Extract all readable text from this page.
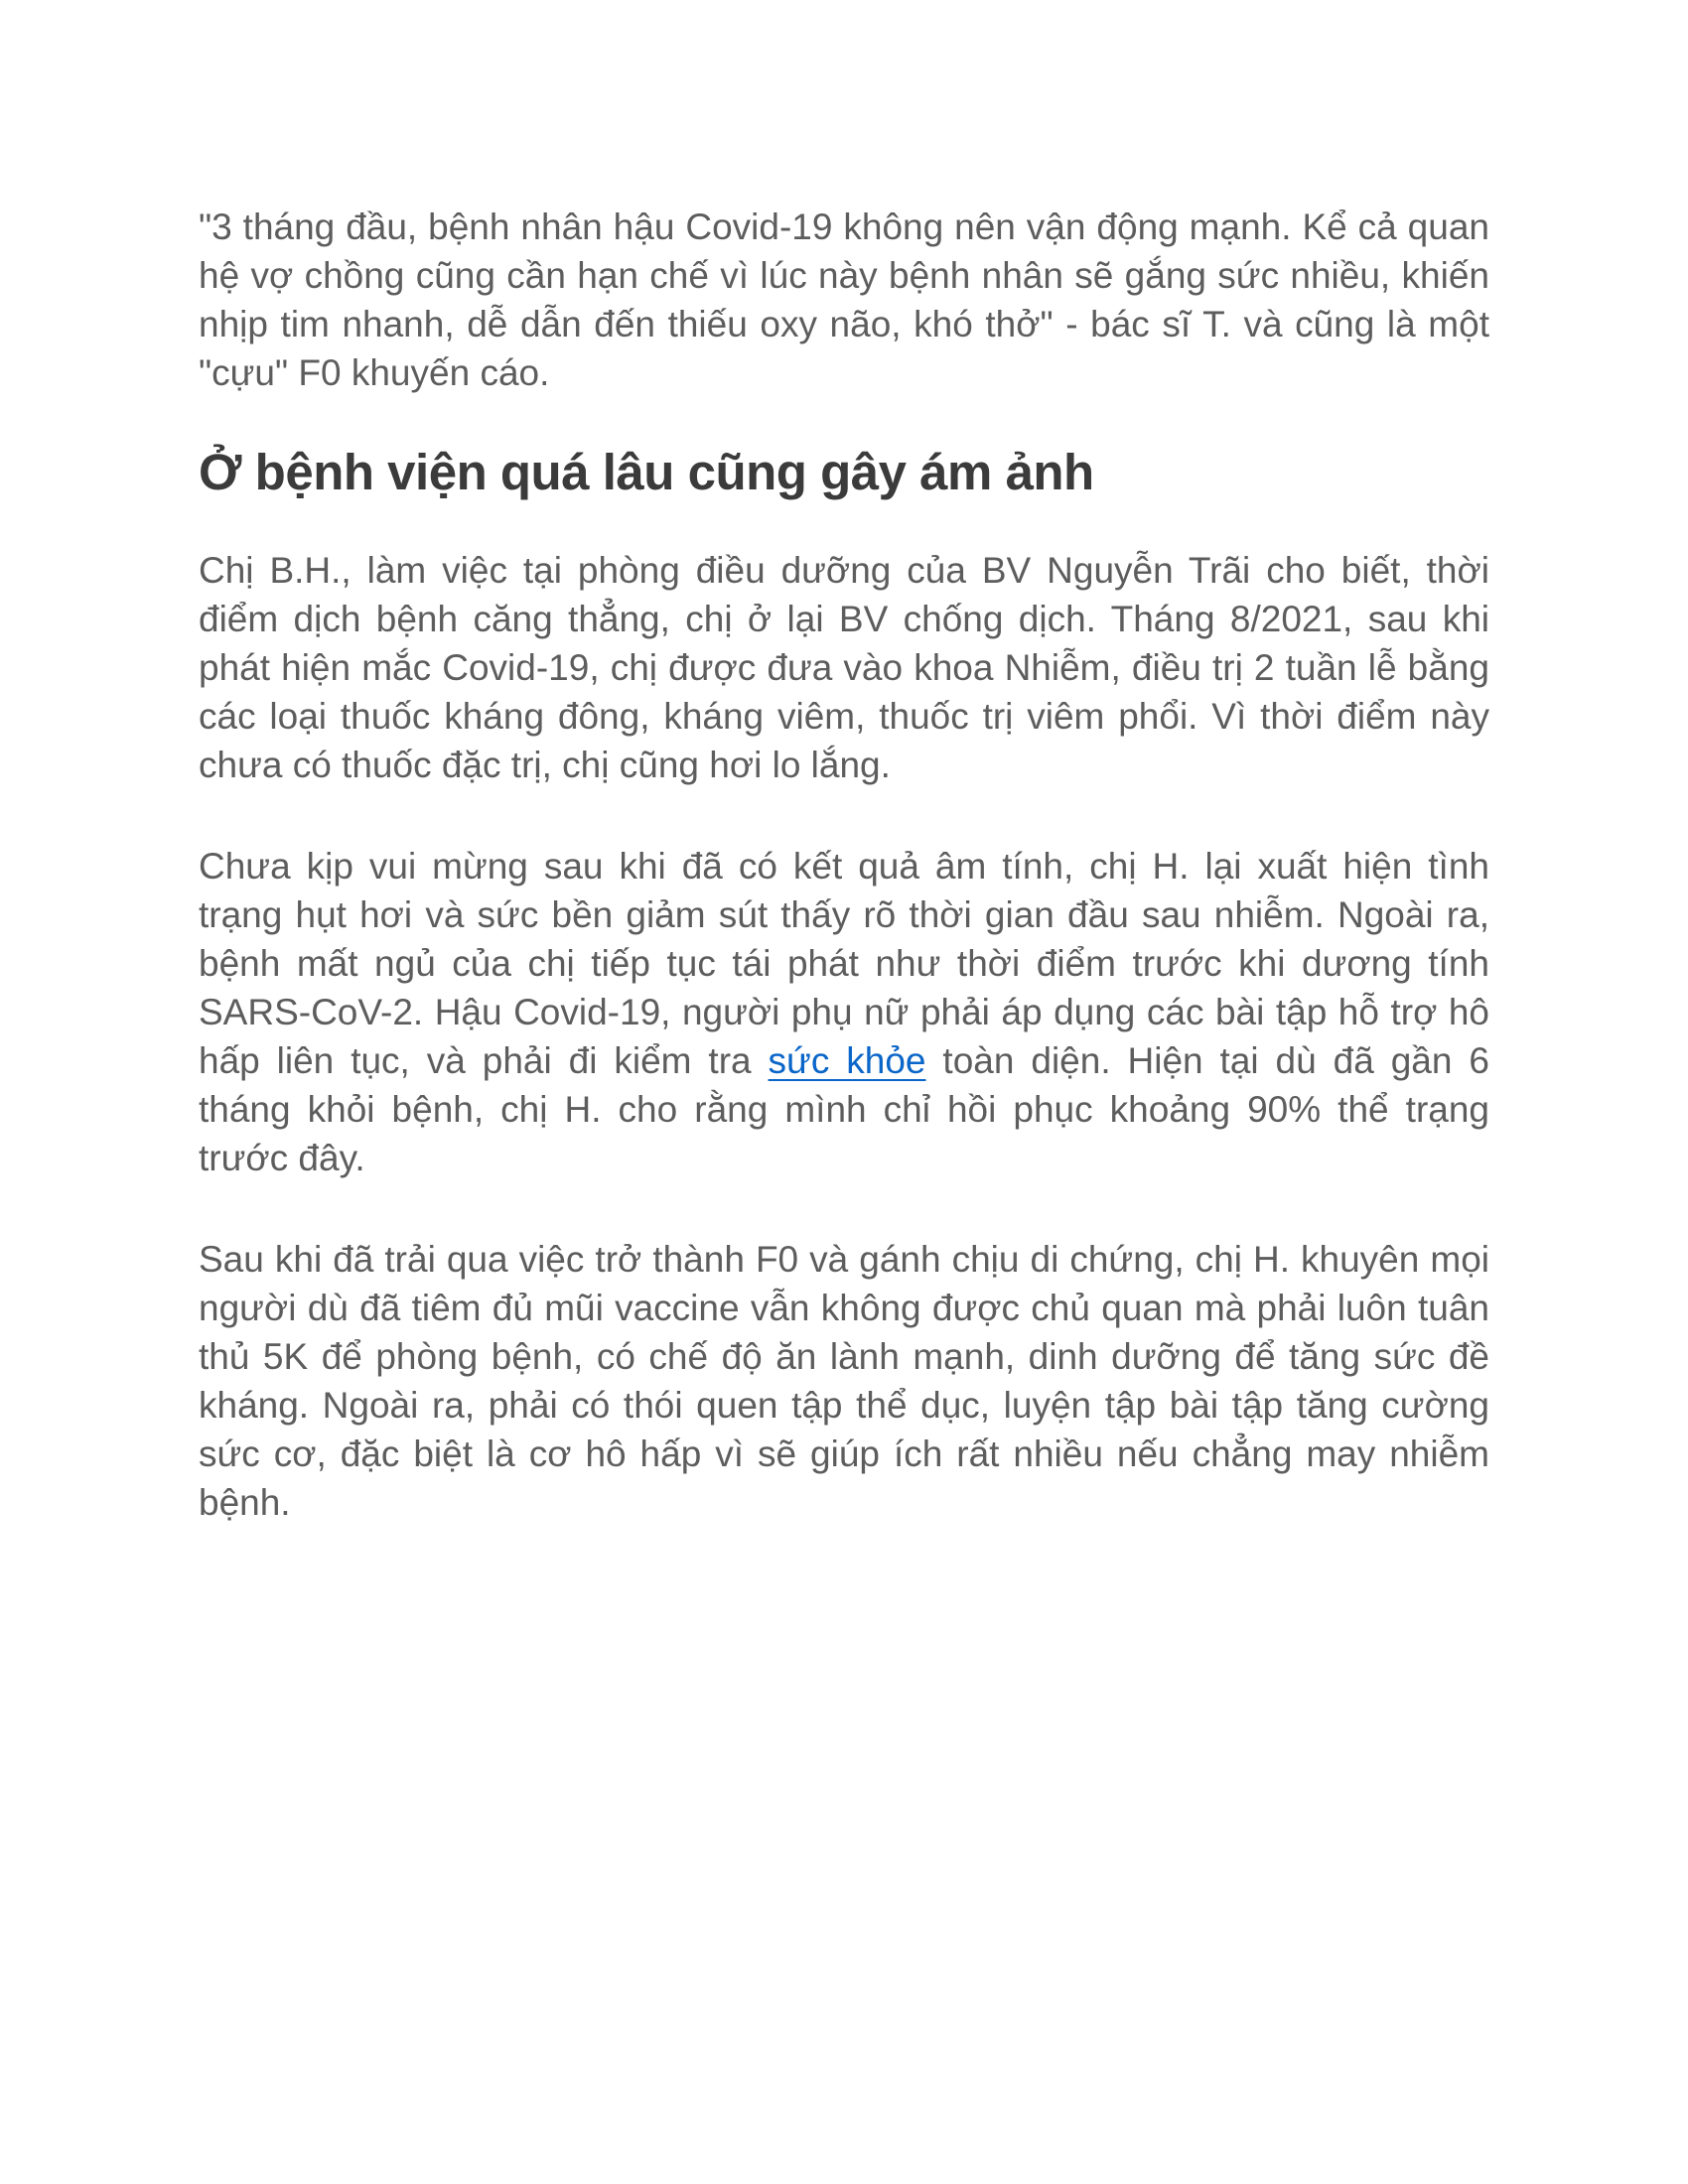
"3 tháng đầu, bệnh nhân hậu Covid-19 không nên vận động mạnh. Kể cả quan
hệ vợ chồng cũng cần hạn chế vì lúc này bệnh nhân sẽ gắng sức nhiều, khiến
nhịp tim nhanh, dễ dẫn đến thiếu oxy não, khó thở" - bác sĩ T. và cũng là một
"cựu" F0 khuyến cáo.
Ở bệnh viện quá lâu cũng gây ám ảnh
Chị B.H., làm việc tại phòng điều dưỡng của BV Nguyễn Trãi cho biết, thời
điểm dịch bệnh căng thẳng, chị ở lại BV chống dịch. Tháng 8/2021, sau khi
phát hiện mắc Covid-19, chị được đưa vào khoa Nhiễm, điều trị 2 tuần lễ bằng
các loại thuốc kháng đông, kháng viêm, thuốc trị viêm phổi. Vì thời điểm này
chưa có thuốc đặc trị, chị cũng hơi lo lắng.
Chưa kịp vui mừng sau khi đã có kết quả âm tính, chị H. lại xuất hiện tình
trạng hụt hơi và sức bền giảm sút thấy rõ thời gian đầu sau nhiễm. Ngoài ra,
bệnh mất ngủ của chị tiếp tục tái phát như thời điểm trước khi dương tính
SARS-CoV-2. Hậu Covid-19, người phụ nữ phải áp dụng các bài tập hỗ trợ hô
hấp liên tục, và phải đi kiểm tra sức khỏe toàn diện. Hiện tại dù đã gần 6
tháng khỏi bệnh, chị H. cho rằng mình chỉ hồi phục khoảng 90% thể trạng
trước đây.
Sau khi đã trải qua việc trở thành F0 và gánh chịu di chứng, chị H. khuyên mọi
người dù đã tiêm đủ mũi vaccine vẫn không được chủ quan mà phải luôn tuân
thủ 5K để phòng bệnh, có chế độ ăn lành mạnh, dinh dưỡng để tăng sức đề
kháng. Ngoài ra, phải có thói quen tập thể dục, luyện tập bài tập tăng cường
sức cơ, đặc biệt là cơ hô hấp vì sẽ giúp ích rất nhiều nếu chẳng may nhiễm
bệnh.
